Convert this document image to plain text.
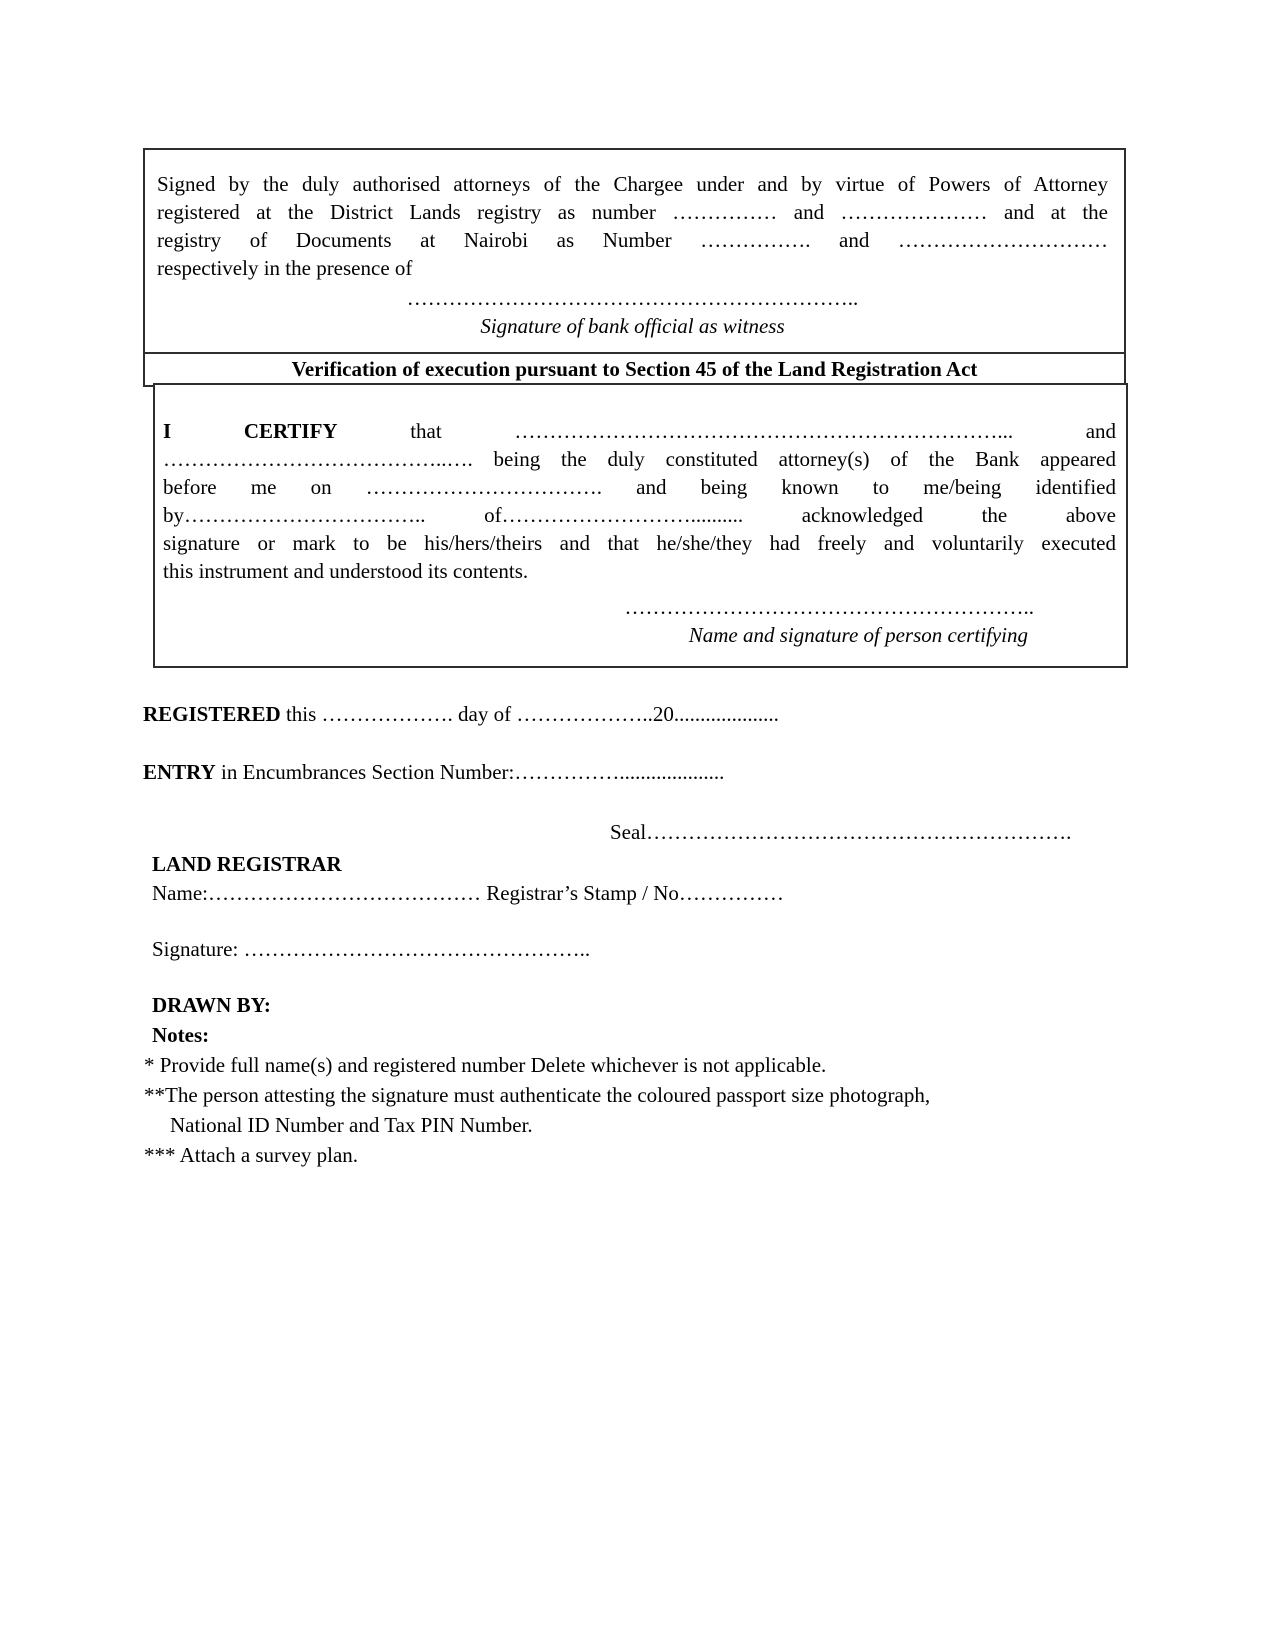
Signed by the duly authorised attorneys of the Chargee under and by virtue of Powers of Attorney
registered at the District Lands registry as number …………… and ………………… and at the
registry of Documents at Nairobi as Number ……………. and …………………………
respectively in the presence of
………………………………………………………..
Signature of bank official as witness
Verification of execution pursuant to Section 45 of the Land Registration Act
I	CERTIFY	that	……………………………………………………………...	and
…………………………………..…. being the duly constituted attorney(s) of the Bank appeared
before me on ……………………………. and being known to me/being identified
by…………………………….. of……………………….......... acknowledged the above
signature or mark to be his/hers/theirs and that he/she/they had freely and voluntarily executed
this instrument and understood its contents.
…………………………………………………..
Name and signature of person certifying
REGISTERED this ………………. day of ………………..20....................
ENTRY in Encumbrances Section Number:……………....................
Seal…………………………………………………….
LAND REGISTRAR
Name:………………………………… Registrar’s Stamp / No……………
Signature: …………………………………………..
DRAWN BY:
Notes:
* Provide full name(s) and registered number Delete whichever is not applicable.
**The person attesting the signature must authenticate the coloured passport size photograph,
National ID Number and Tax PIN Number.
*** Attach a survey plan.
